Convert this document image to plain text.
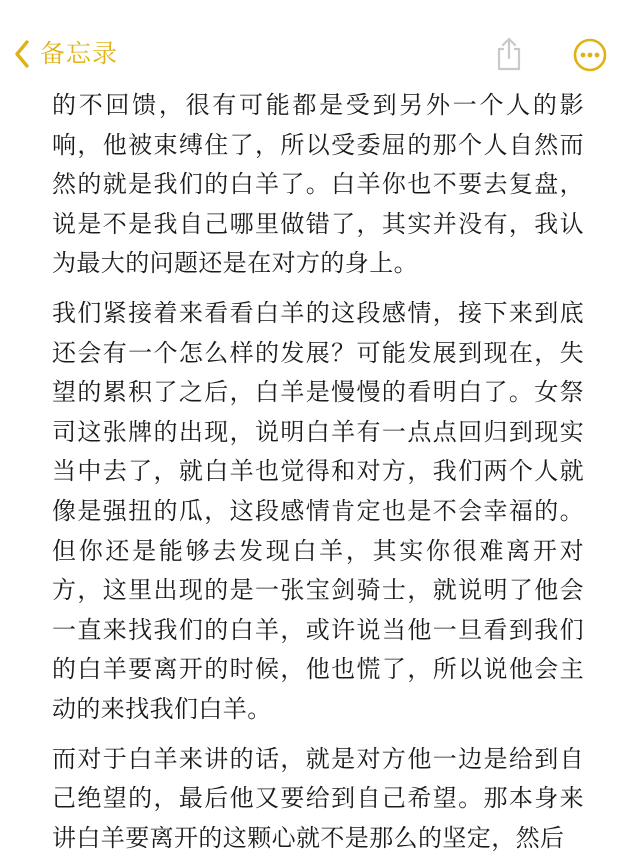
备忘录

的不回馈，很有可能都是受到另外一个人的影响，他被束缚住了，所以受委屈的那个人自然而然的就是我们的白羊了。白羊你也不要去复盘，说是不是我自己哪里做错了，其实并没有，我认为最大的问题还是在对方的身上。

我们紧接着来看看白羊的这段感情，接下来到底还会有一个怎么样的发展？可能发展到现在，失望的累积了之后，白羊是慢慢的看明白了。女祭司这张牌的出现，说明白羊有一点点回归到现实当中去了，就白羊也觉得和对方，我们两个人就像是强扭的瓜，这段感情肯定也是不会幸福的。但你还是能够去发现白羊，其实你很难离开对方，这里出现的是一张宝剑骑士，就说明了他会一直来找我们的白羊，或许说当他一旦看到我们的白羊要离开的时候，他也慌了，所以说他会主动的来找我们白羊。

而对于白羊来讲的话，就是对方他一边是给到自己绝望的，最后他又要给到自己希望。那本身来讲白羊要离开的这颗心就不是那么的坚定，然后
